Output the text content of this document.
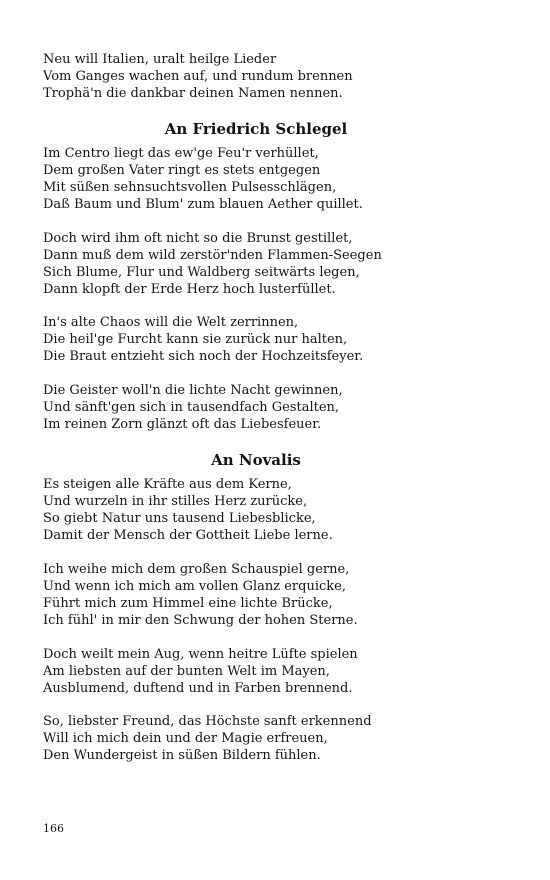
Neu will Italien, uralt heilge Lieder
Vom Ganges wachen auf, und rundum brennen
Trophä'n die dankbar deinen Namen nennen.
An Friedrich Schlegel
Im Centro liegt das ew'ge Feu'r verhüllet,
Dem großen Vater ringt es stets entgegen
Mit süßen sehnsuchtsvollen Pulsesschlägen,
Daß Baum und Blum' zum blauen Aether quillet.
Doch wird ihm oft nicht so die Brunst gestillet,
Dann muß dem wild zerstör'nden Flammen-Seegen
Sich Blume, Flur und Waldberg seitwärts legen,
Dann klopft der Erde Herz hoch lusterfüllet.
In's alte Chaos will die Welt zerrinnen,
Die heil'ge Furcht kann sie zurück nur halten,
Die Braut entzieht sich noch der Hochzeitsfeyer.
Die Geister woll'n die lichte Nacht gewinnen,
Und sänft'gen sich in tausendfach Gestalten,
Im reinen Zorn glänzt oft das Liebesfeuer.
An Novalis
Es steigen alle Kräfte aus dem Kerne,
Und wurzeln in ihr stilles Herz zurücke,
So giebt Natur uns tausend Liebesblicke,
Damit der Mensch der Gottheit Liebe lerne.
Ich weihe mich dem großen Schauspiel gerne,
Und wenn ich mich am vollen Glanz erquicke,
Führt mich zum Himmel eine lichte Brücke,
Ich fühl' in mir den Schwung der hohen Sterne.
Doch weilt mein Aug, wenn heitre Lüfte spielen
Am liebsten auf der bunten Welt im Mayen,
Ausblumend, duftend und in Farben brennend.
So, liebster Freund, das Höchste sanft erkennend
Will ich mich dein und der Magie erfreuen,
Den Wundergeist in süßen Bildern fühlen.
166
